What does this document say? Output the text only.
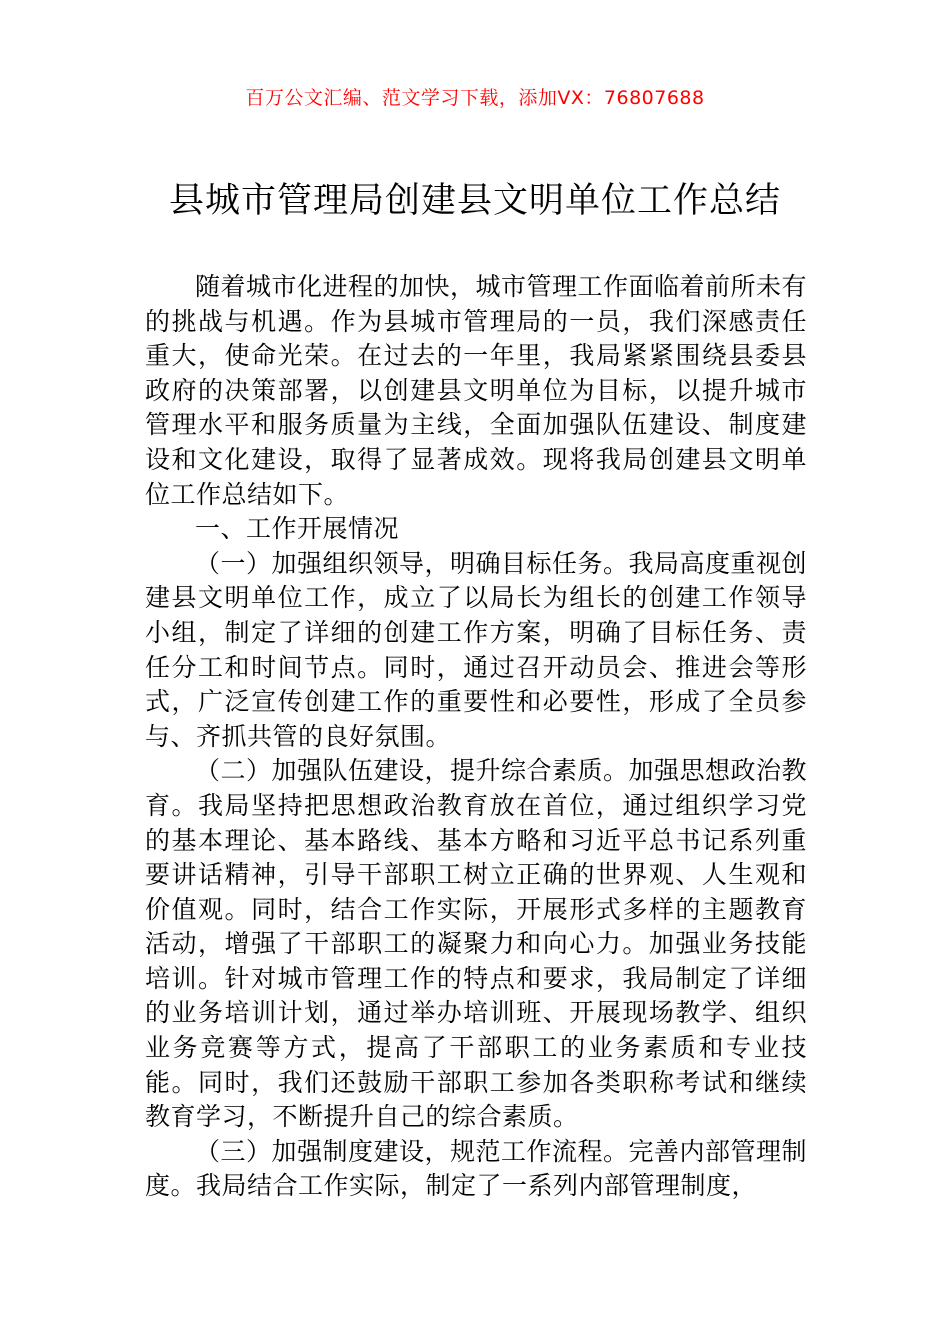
百万公文汇编、范文学习下载，添加VX：76807688
县城市管理局创建县文明单位工作总结

随着城市化进程的加快，城市管理工作面临着前所未有的挑战与机遇。作为县城市管理局的一员，我们深感责任重大，使命光荣。在过去的一年里，我局紧紧围绕县委县政府的决策部署，以创建县文明单位为目标，以提升城市管理水平和服务质量为主线，全面加强队伍建设、制度建设和文化建设，取得了显著成效。现将我局创建县文明单位工作总结如下。

一、工作开展情况

（一）加强组织领导，明确目标任务。我局高度重视创建县文明单位工作，成立了以局长为组长的创建工作领导小组，制定了详细的创建工作方案，明确了目标任务、责任分工和时间节点。同时，通过召开动员会、推进会等形式，广泛宣传创建工作的重要性和必要性，形成了全员参与、齐抓共管的良好氛围。

（二）加强队伍建设，提升综合素质。加强思想政治教育。我局坚持把思想政治教育放在首位，通过组织学习党的基本理论、基本路线、基本方略和习近平总书记系列重要讲话精神，引导干部职工树立正确的世界观、人生观和价值观。同时，结合工作实际，开展形式多样的主题教育活动，增强了干部职工的凝聚力和向心力。加强业务技能培训。针对城市管理工作的特点和要求，我局制定了详细的业务培训计划，通过举办培训班、开展现场教学、组织业务竞赛等方式，提高了干部职工的业务素质和专业技能。同时，我们还鼓励干部职工参加各类职称考试和继续教育学习，不断提升自己的综合素质。

（三）加强制度建设，规范工作流程。完善内部管理制度。我局结合工作实际，制定了一系列内部管理制度，
